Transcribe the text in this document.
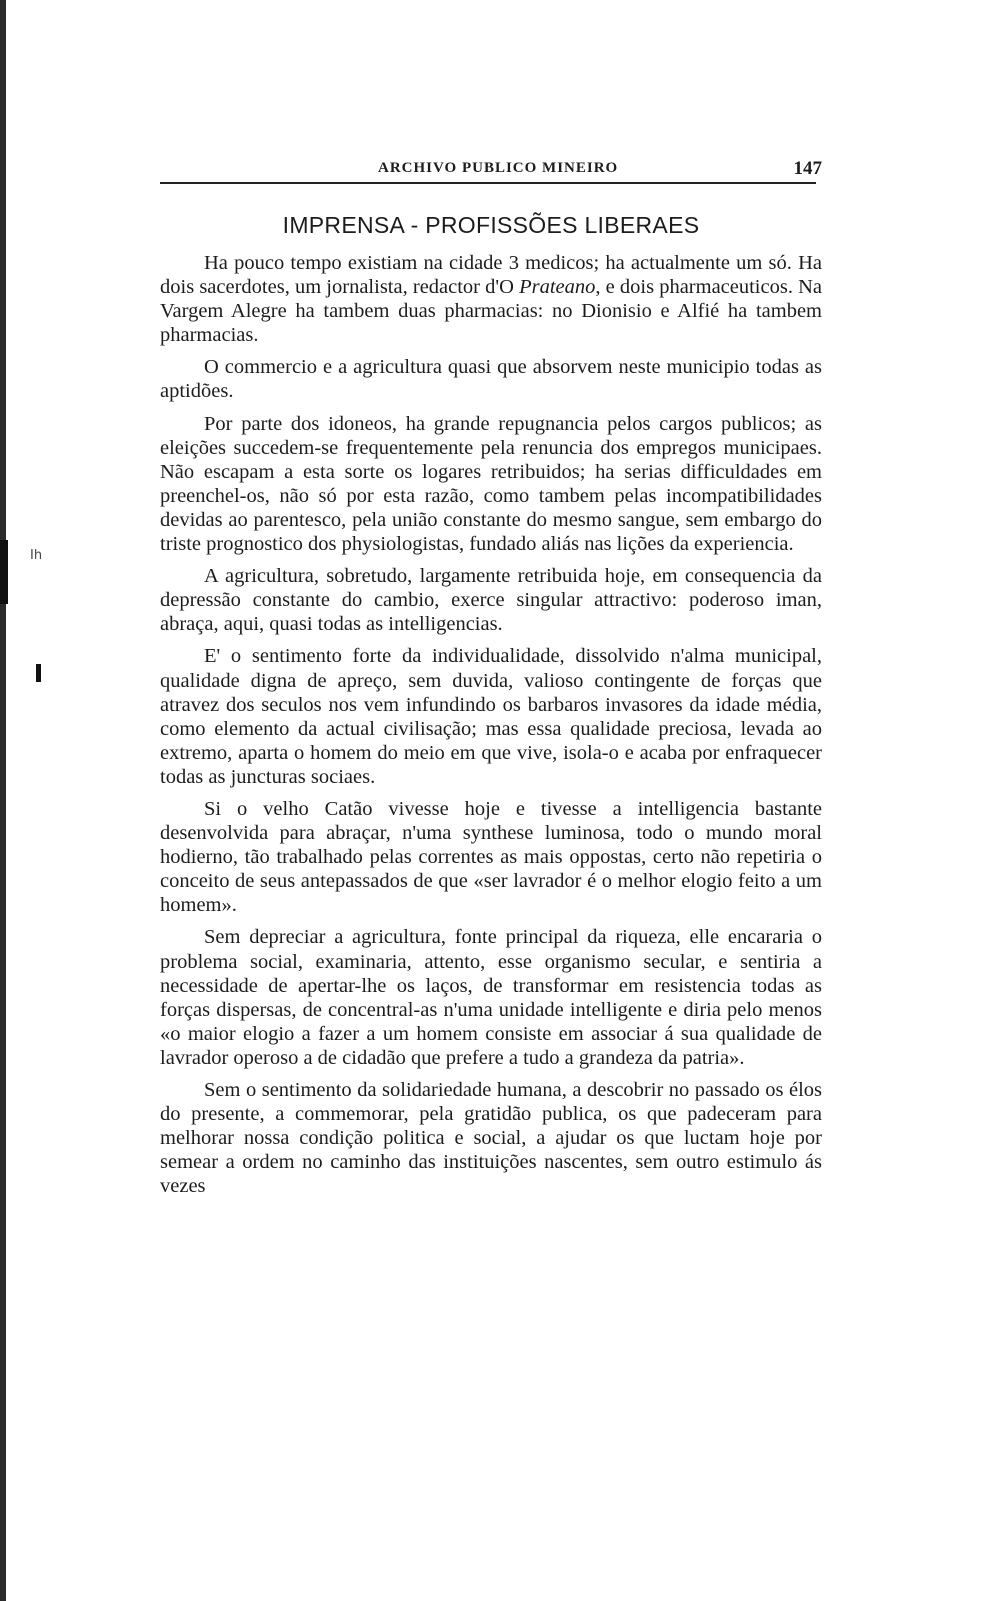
Ih
ARCHIVO PUBLICO MINEIRO	147
IMPRENSA - PROFISSÕES LIBERAES

Ha pouco tempo existiam na cidade 3 medicos; ha actualmente um só. Ha dois sacerdotes, um jornalista, redactor d'O Prateano, e dois pharmaceuticos. Na Vargem Alegre ha tambem duas pharmacias: no Dionisio e Alfié ha tambem pharmacias.

O commercio e a agricultura quasi que absorvem neste municipio todas as aptidões.

Por parte dos idoneos, ha grande repugnancia pelos cargos publicos; as eleições succedem-se frequentemente pela renuncia dos empregos municipaes. Não escapam a esta sorte os logares retribuidos; ha serias difficuldades em preenchel-os, não só por esta razão, como tambem pelas incompatibilidades devidas ao parentesco, pela união constante do mesmo sangue, sem embargo do triste prognostico dos physiologistas, fundado aliás nas lições da experiencia.

A agricultura, sobretudo, largamente retribuida hoje, em consequencia da depressão constante do cambio, exerce singular attractivo: poderoso iman, abraça, aqui, quasi todas as intelligencias.

E' o sentimento forte da individualidade, dissolvido n'alma municipal, qualidade digna de apreço, sem duvida, valioso contingente de forças que atravez dos seculos nos vem infundindo os barbaros invasores da idade média, como elemento da actual civilisação; mas essa qualidade preciosa, levada ao extremo, aparta o homem do meio em que vive, isola-o e acaba por enfraquecer todas as juncturas sociaes.

Si o velho Catão vivesse hoje e tivesse a intelligencia bastante desenvolvida para abraçar, n'uma synthese luminosa, todo o mundo moral hodierno, tão trabalhado pelas correntes as mais oppostas, certo não repetiria o conceito de seus antepassados de que «ser lavrador é o melhor elogio feito a um homem».

Sem depreciar a agricultura, fonte principal da riqueza, elle encararia o problema social, examinaria, attento, esse organismo secular, e sentiria a necessidade de apertar-lhe os laços, de transformar em resistencia todas as forças dispersas, de concentral-as n'uma unidade intelligente e diria pelo menos «o maior elogio a fazer a um homem consiste em associar á sua qualidade de lavrador operoso a de cidadão que prefere a tudo a grandeza da patria».

Sem o sentimento da solidariedade humana, a descobrir no passado os élos do presente, a commemorar, pela gratidão publica, os que padeceram para melhorar nossa condição politica e social, a ajudar os que luctam hoje por semear a ordem no caminho das instituições nascentes, sem outro estimulo ás vezes
